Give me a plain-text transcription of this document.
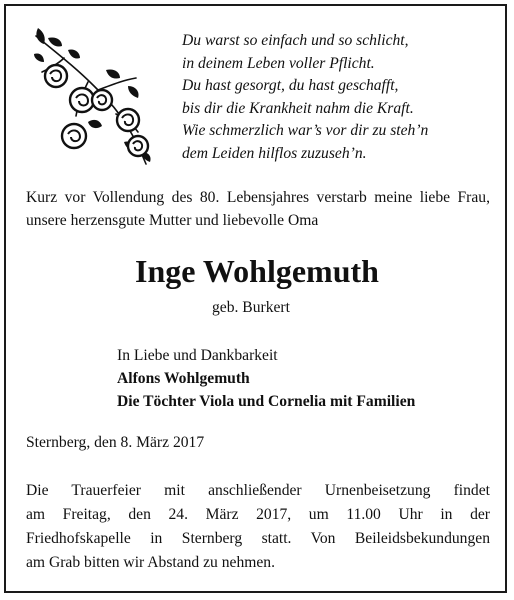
Du warst so einfach und so schlicht,
in deinem Leben voller Pflicht.
Du hast gesorgt, du hast geschafft,
bis dir die Krankheit nahm die Kraft.
Wie schmerzlich war’s vor dir zu steh’n
dem Leiden hilflos zuzuseh’n.
Kurz vor Vollendung des 80. Lebensjahres verstarb meine liebe Frau, unsere herzensgute Mutter und liebevolle Oma
Inge Wohlgemuth
geb. Burkert
In Liebe und Dankbarkeit
Alfons Wohlgemuth
Die Töchter Viola und Cornelia mit Familien
Sternberg, den 8. März 2017
Die Trauerfeier mit anschließender Urnenbeisetzung findet
am Freitag, den 24. März 2017, um 11.00 Uhr in der
Friedhofskapelle in Sternberg statt. Von Beileidsbekundungen
am Grab bitten wir Abstand zu nehmen.
